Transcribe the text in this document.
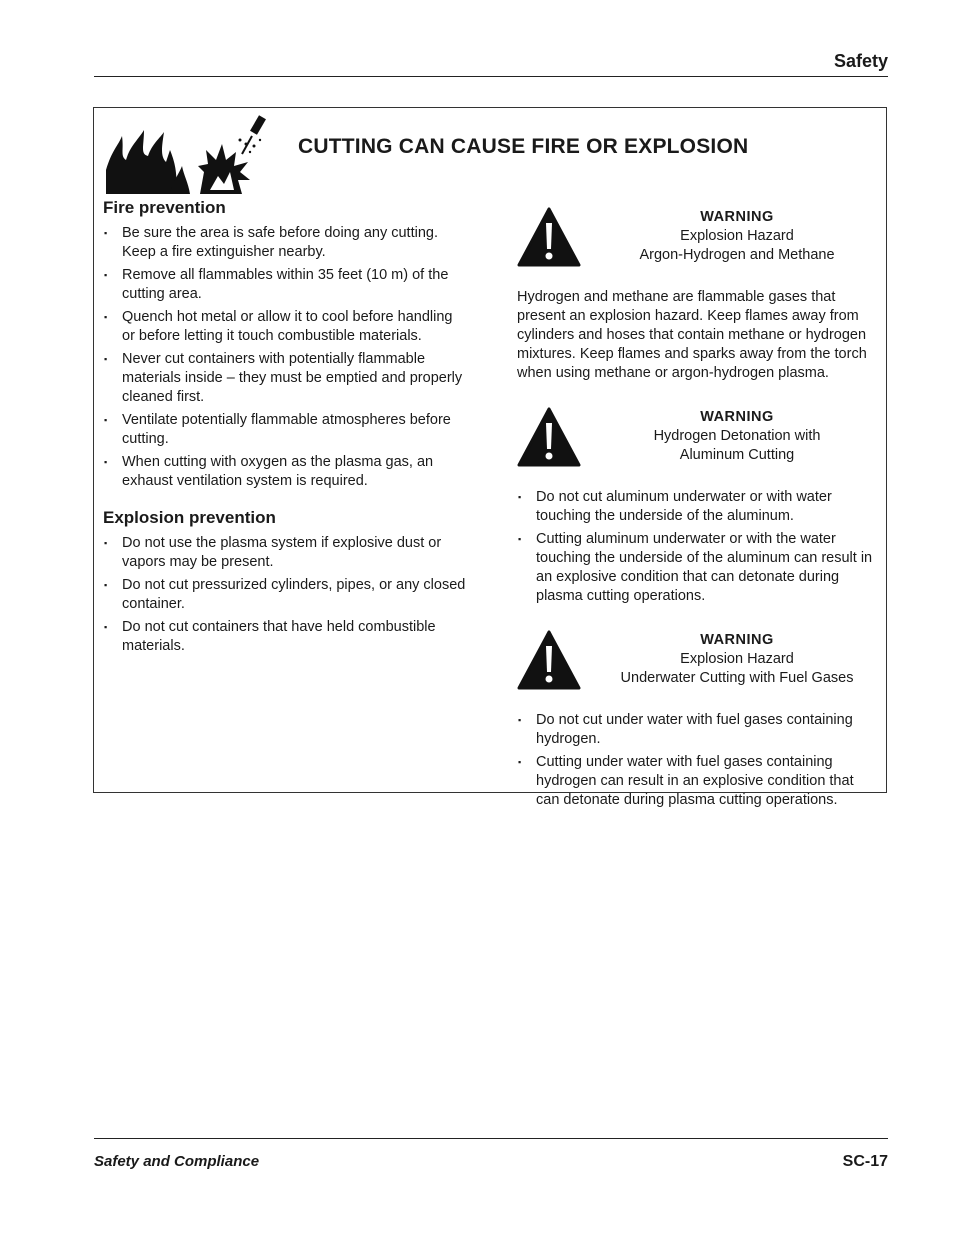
Safety
CUTTING CAN CAUSE FIRE OR EXPLOSION
Fire prevention
▪ Be sure the area is safe before doing any cutting. Keep a fire extinguisher nearby.
▪ Remove all flammables within 35 feet (10 m) of the cutting area.
▪ Quench hot metal or allow it to cool before handling or before letting it touch combustible materials.
▪ Never cut containers with potentially flammable materials inside – they must be emptied and properly cleaned first.
▪ Ventilate potentially flammable atmospheres before cutting.
▪ When cutting with oxygen as the plasma gas, an exhaust ventilation system is required.
Explosion prevention
▪ Do not use the plasma system if explosive dust or vapors may be present.
▪ Do not cut pressurized cylinders, pipes, or any closed container.
▪ Do not cut containers that have held combustible materials.
WARNING
Explosion Hazard
Argon-Hydrogen and Methane

Hydrogen and methane are flammable gases that present an explosion hazard. Keep flames away from cylinders and hoses that contain methane or hydrogen mixtures. Keep flames and sparks away from the torch when using methane or argon-hydrogen plasma.

WARNING
Hydrogen Detonation with
Aluminum Cutting
▪ Do not cut aluminum underwater or with water touching the underside of the aluminum.
▪ Cutting aluminum underwater or with the water touching the underside of the aluminum can result in an explosive condition that can detonate during plasma cutting operations.
WARNING
Explosion Hazard
Underwater Cutting with Fuel Gases
▪ Do not cut under water with fuel gases containing hydrogen.
▪ Cutting under water with fuel gases containing hydrogen can result in an explosive condition that can detonate during plasma cutting operations.
Safety and Compliance	SC-17
